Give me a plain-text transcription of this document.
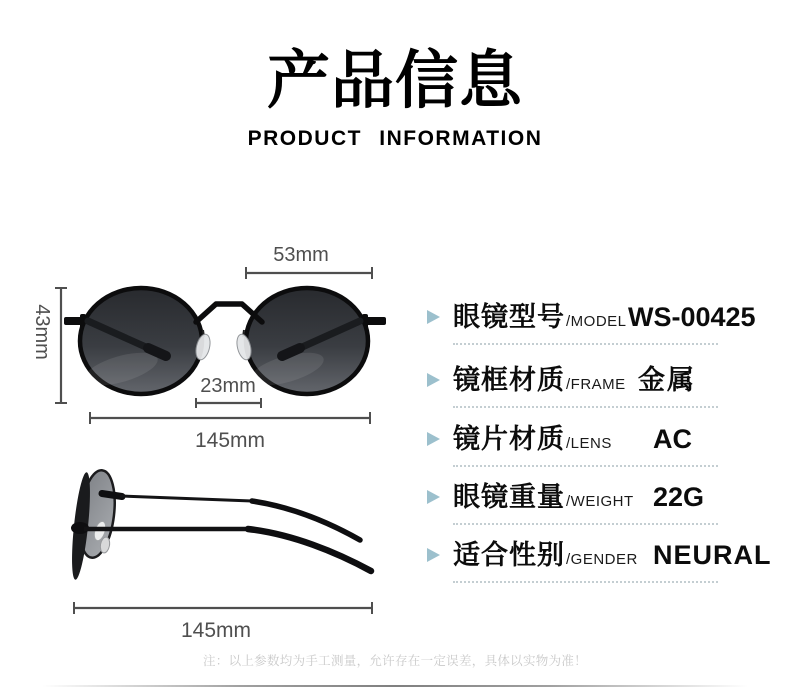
产品信息
PRODUCT INFORMATION
53mm
43mm
23mm
145mm
145mm
眼镜型号 /MODEL WS-00425
镜框材质 /FRAME 金属
镜片材质 /LENS AC
眼镜重量 /WEIGHT 22G
适合性别 /GENDER NEURAL
注：以上参数均为手工测量，允许存在一定误差，具体以实物为准！
